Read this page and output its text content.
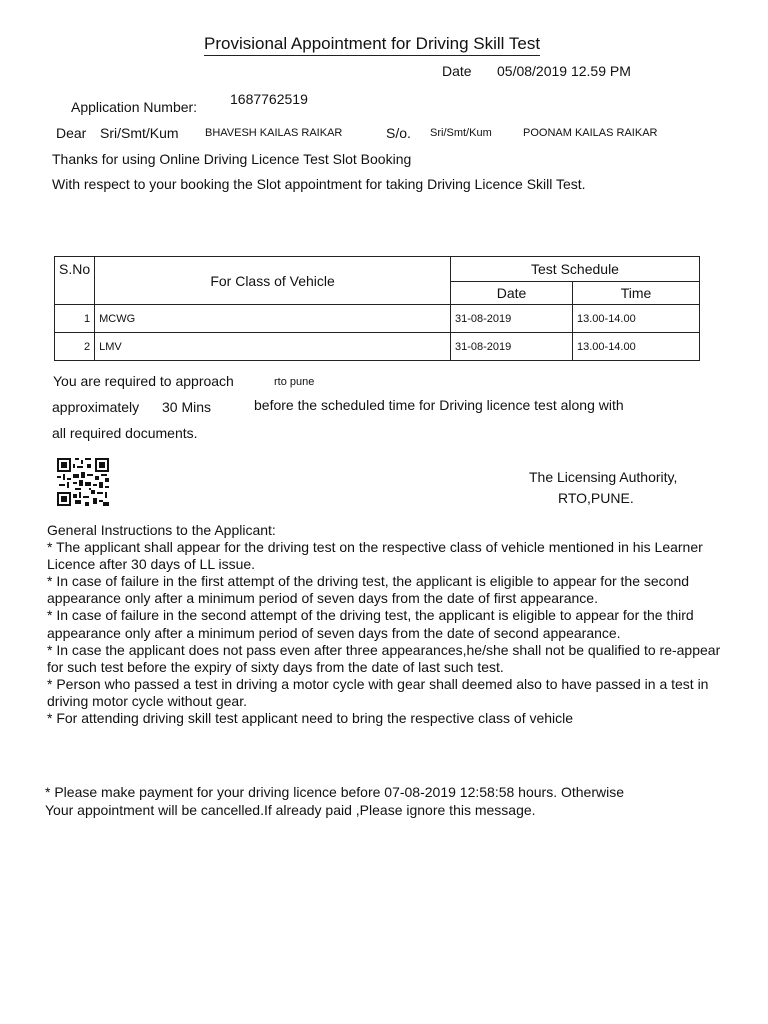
Provisional Appointment for Driving Skill Test
Date 05/08/2019 12.59 PM
Application Number: 1687762519
Dear Sri/Smt/Kum BHAVESH KAILAS RAIKAR	S/o. Sri/Smt/Kum	POONAM KAILAS RAIKAR
Thanks for using Online Driving Licence Test Slot Booking
With respect to your booking the Slot appointment for taking Driving Licence Skill Test.
S.No	For Class of Vehicle	Test Schedule	
		Date	Time
1	MCWG	31-08-2019	13.00-14.00
2	LMV	31-08-2019	13.00-14.00
You are required to approach	rto pune
approximately 30 Mins	before the scheduled time for Driving licence test along with
all required documents.
The Licensing Authority,
RTO,PUNE.
General Instructions to the Applicant:
* The applicant shall appear for the driving test on the respective class of vehicle mentioned in his Learner Licence after 30 days of LL issue.
* In case of failure in the first attempt of the driving test, the applicant is eligible to appear for the second appearance only after a minimum period of seven days from the date of first appearance.
* In case of failure in the second attempt of the driving test, the applicant is eligible to appear for the third appearance only after a minimum period of seven days from the date of second appearance.
* In case the applicant does not pass even after three appearances,he/she shall not be qualified to re-appear for such test before the expiry of sixty days from the date of last such test.
* Person who passed a test in driving a motor cycle with gear shall deemed also to have passed in a test in driving motor cycle without gear.
* For attending driving skill test applicant need to bring the respective class of vehicle
* Please make payment for your driving licence before 07-08-2019 12:58:58 hours. Otherwise
Your appointment will be cancelled.If already paid ,Please ignore this message.
